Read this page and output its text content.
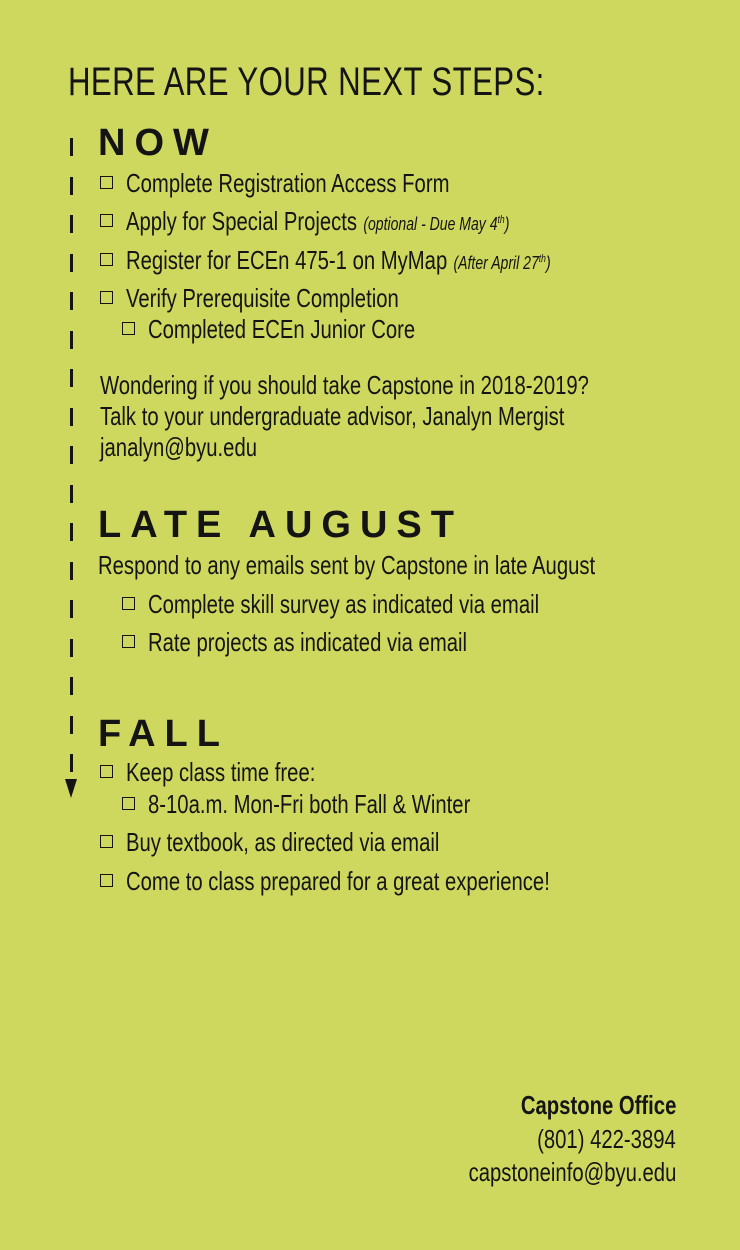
HERE ARE YOUR NEXT STEPS:
NOW
Complete Registration Access Form
Apply for Special Projects (optional - Due May 4th)
Register for ECEn 475-1 on MyMap (After April 27th)
Verify Prerequisite Completion
Completed ECEn Junior Core
Wondering if you should take Capstone in 2018-2019?
Talk to your undergraduate advisor, Janalyn Mergist
janalyn@byu.edu
LATE AUGUST
Respond to any emails sent by Capstone in late August
Complete skill survey as indicated via email
Rate projects as indicated via email
FALL
Keep class time free:
8-10a.m. Mon-Fri both Fall & Winter
Buy textbook, as directed via email
Come to class prepared for a great experience!
Capstone Office
(801) 422-3894
capstoneinfo@byu.edu
